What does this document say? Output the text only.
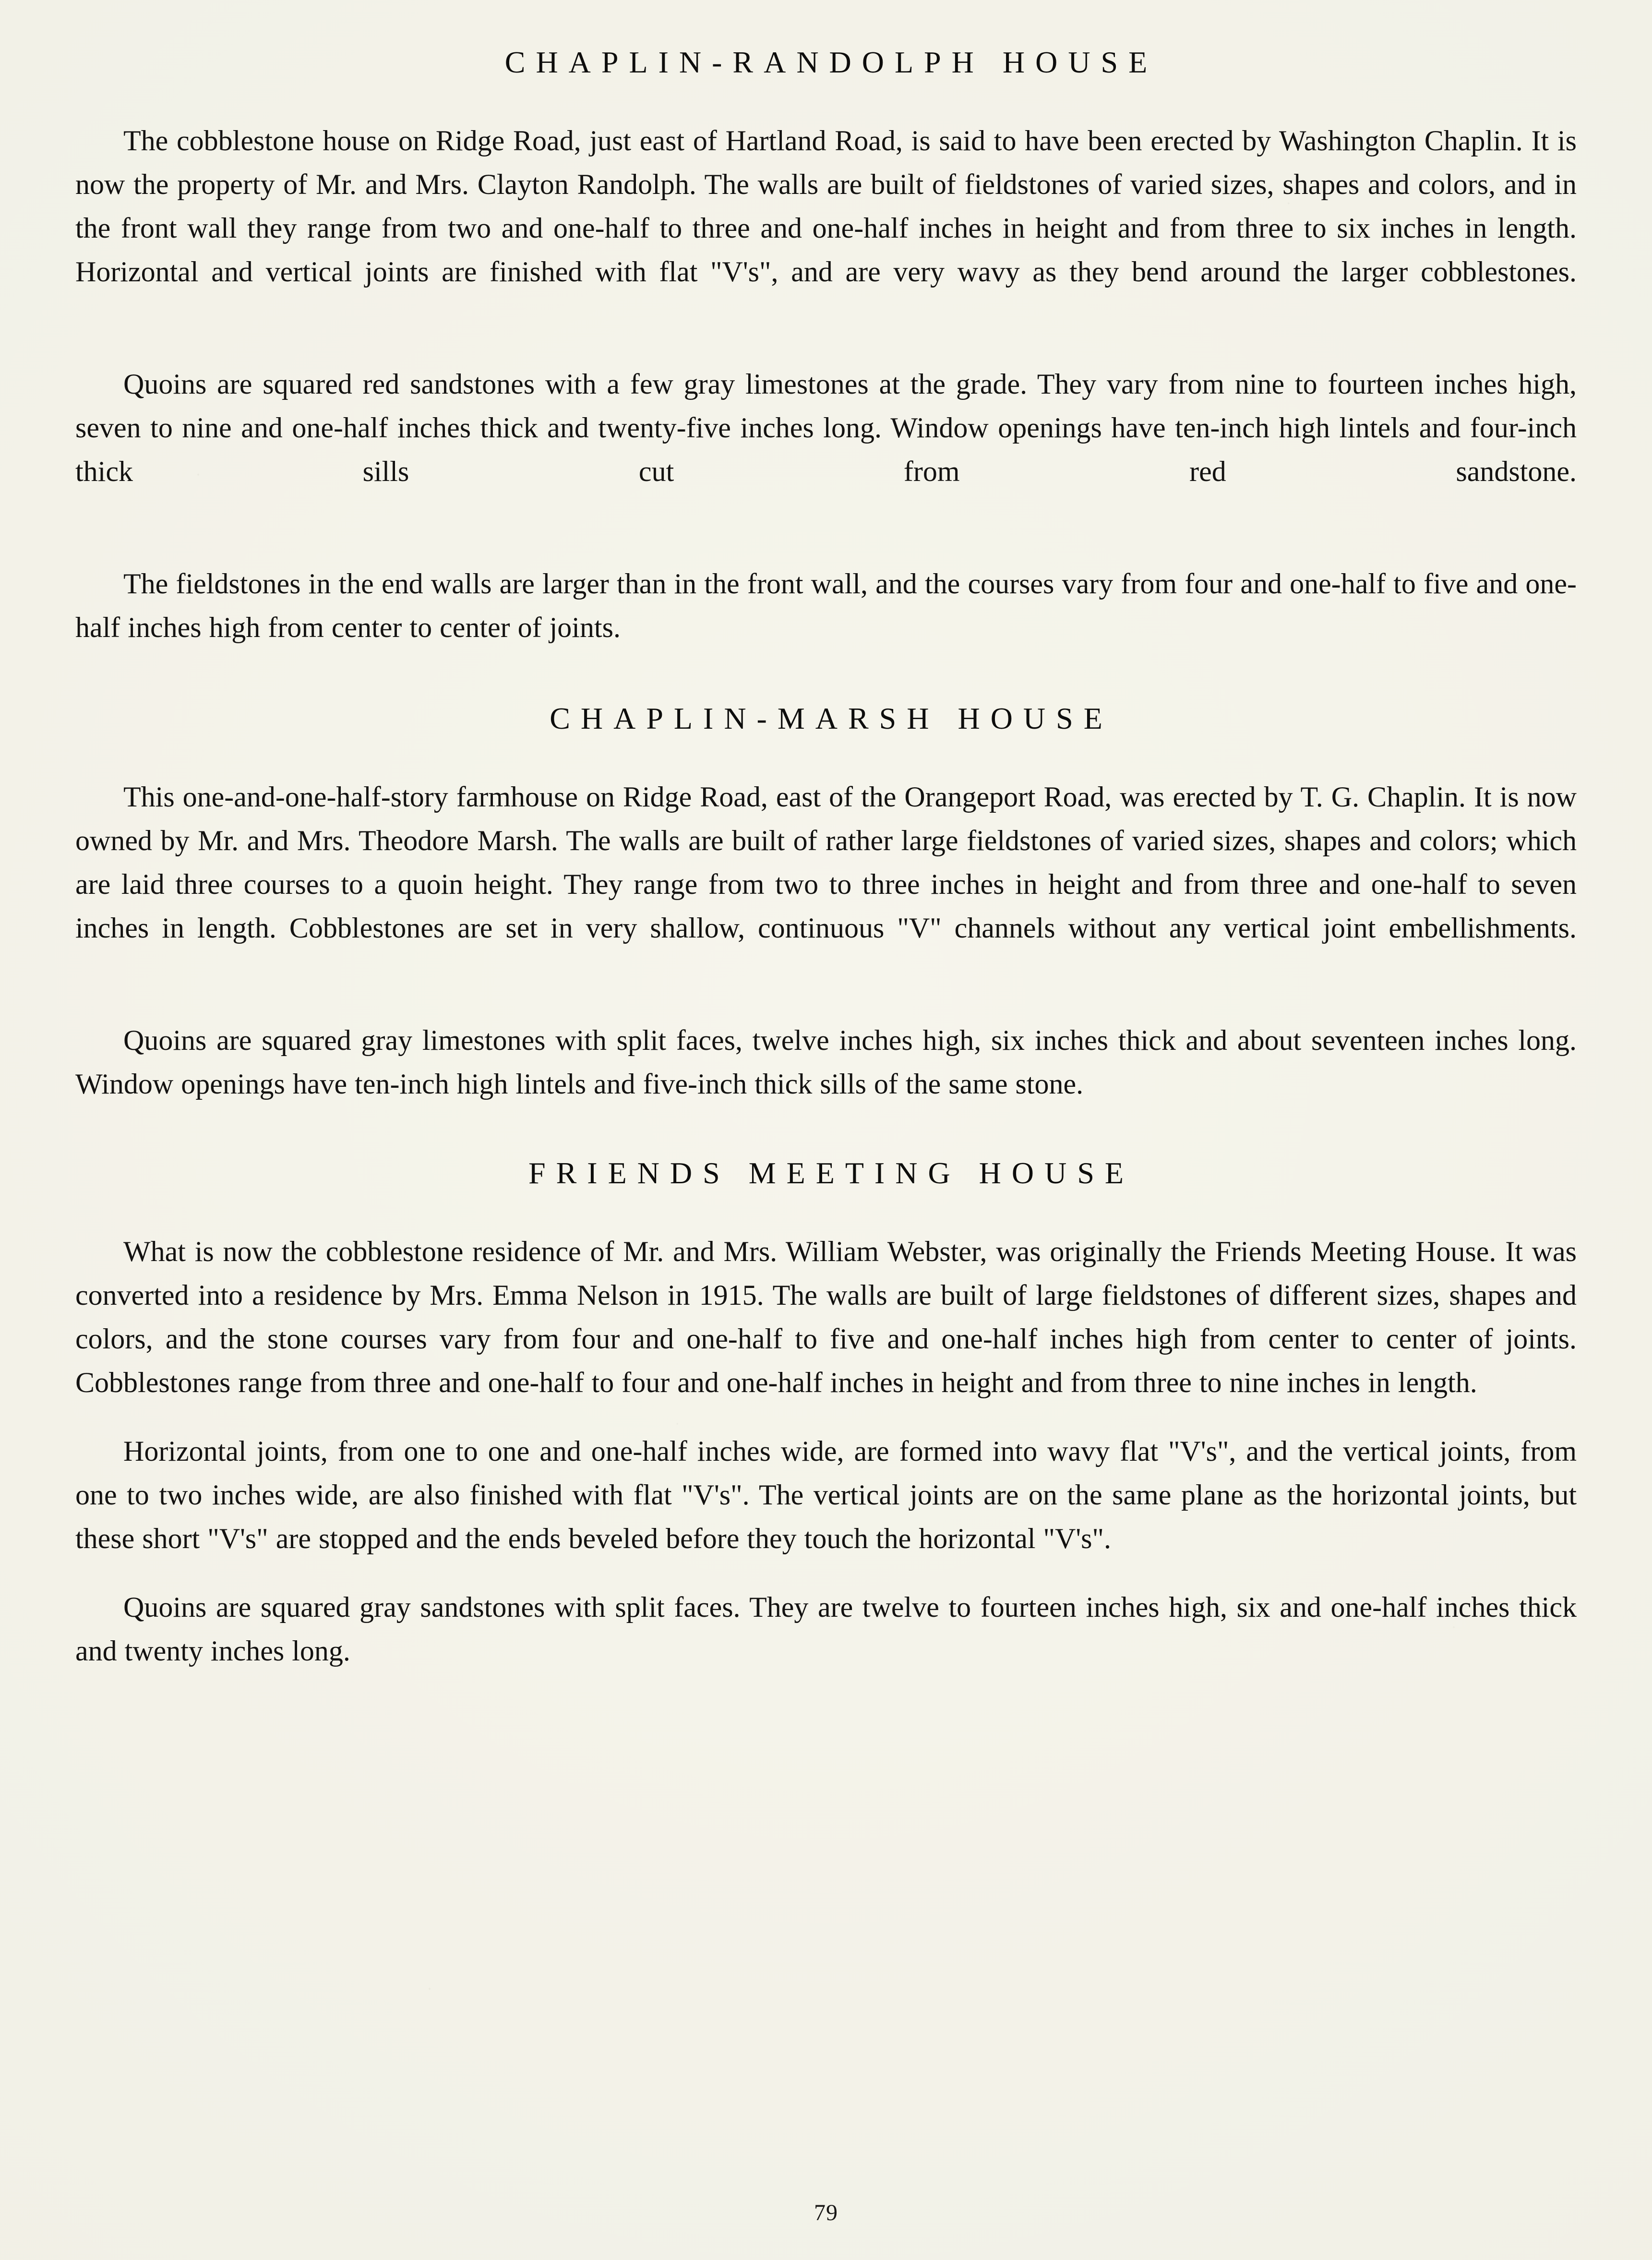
CHAPLIN-RANDOLPH HOUSE

The cobblestone house on Ridge Road, just east of Hartland Road, is said to have been erected by Washington Chaplin. It is now the property of Mr. and Mrs. Clayton Randolph. The walls are built of fieldstones of varied sizes, shapes and colors, and in the front wall they range from two and one-half to three and one-half inches in height and from three to six inches in length. Horizontal and vertical joints are finished with flat "V's", and are very wavy as they bend around the larger cobblestones.

Quoins are squared red sandstones with a few gray limestones at the grade. They vary from nine to fourteen inches high, seven to nine and one-half inches thick and twenty-five inches long. Window openings have ten-inch high lintels and four-inch thick sills cut from red sandstone.

The fieldstones in the end walls are larger than in the front wall, and the courses vary from four and one-half to five and one-half inches high from center to center of joints.

CHAPLIN-MARSH HOUSE

This one-and-one-half-story farmhouse on Ridge Road, east of the Orangeport Road, was erected by T. G. Chaplin. It is now owned by Mr. and Mrs. Theodore Marsh. The walls are built of rather large fieldstones of varied sizes, shapes and colors; which are laid three courses to a quoin height. They range from two to three inches in height and from three and one-half to seven inches in length. Cobblestones are set in very shallow, continuous "V" channels without any vertical joint embellishments.

Quoins are squared gray limestones with split faces, twelve inches high, six inches thick and about seventeen inches long. Window openings have ten-inch high lintels and five-inch thick sills of the same stone.

FRIENDS MEETING HOUSE

What is now the cobblestone residence of Mr. and Mrs. William Webster, was originally the Friends Meeting House. It was converted into a residence by Mrs. Emma Nelson in 1915. The walls are built of large fieldstones of different sizes, shapes and colors, and the stone courses vary from four and one-half to five and one-half inches high from center to center of joints. Cobblestones range from three and one-half to four and one-half inches in height and from three to nine inches in length.

Horizontal joints, from one to one and one-half inches wide, are formed into wavy flat "V's", and the vertical joints, from one to two inches wide, are also finished with flat "V's". The vertical joints are on the same plane as the horizontal joints, but these short "V's" are stopped and the ends beveled before they touch the horizontal "V's".

Quoins are squared gray sandstones with split faces. They are twelve to fourteen inches high, six and one-half inches thick and twenty inches long.

79
